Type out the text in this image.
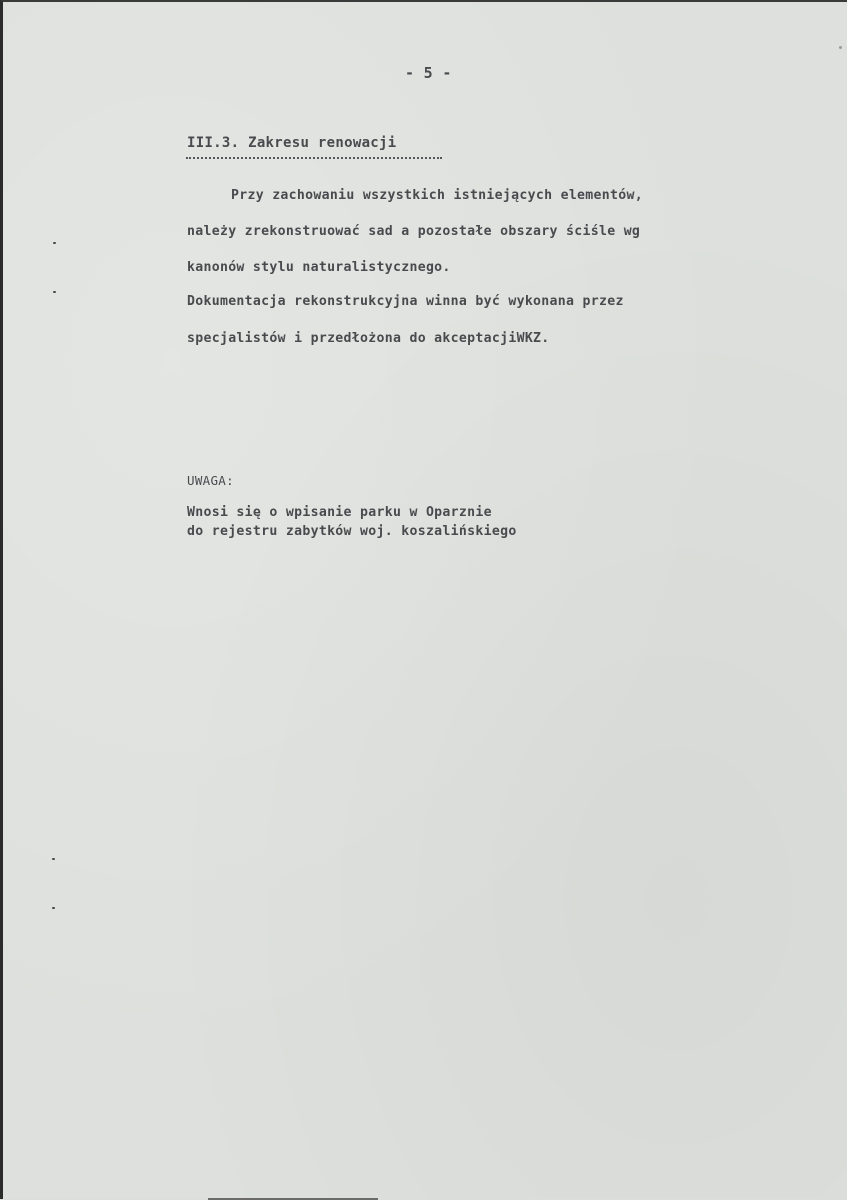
- 5 -
III.3. Zakresu renowacji
Przy zachowaniu wszystkich istniejących elementów,
należy zrekonstruować sad a pozostałe obszary ściśle wg
kanonów stylu naturalistycznego.
Dokumentacja rekonstrukcyjna winna być wykonana przez
specjalistów i przedłożona do akceptacjiWKZ.
UWAGA:
Wnosi się o wpisanie parku w Oparznie
do rejestru zabytków woj. koszalińskiego
